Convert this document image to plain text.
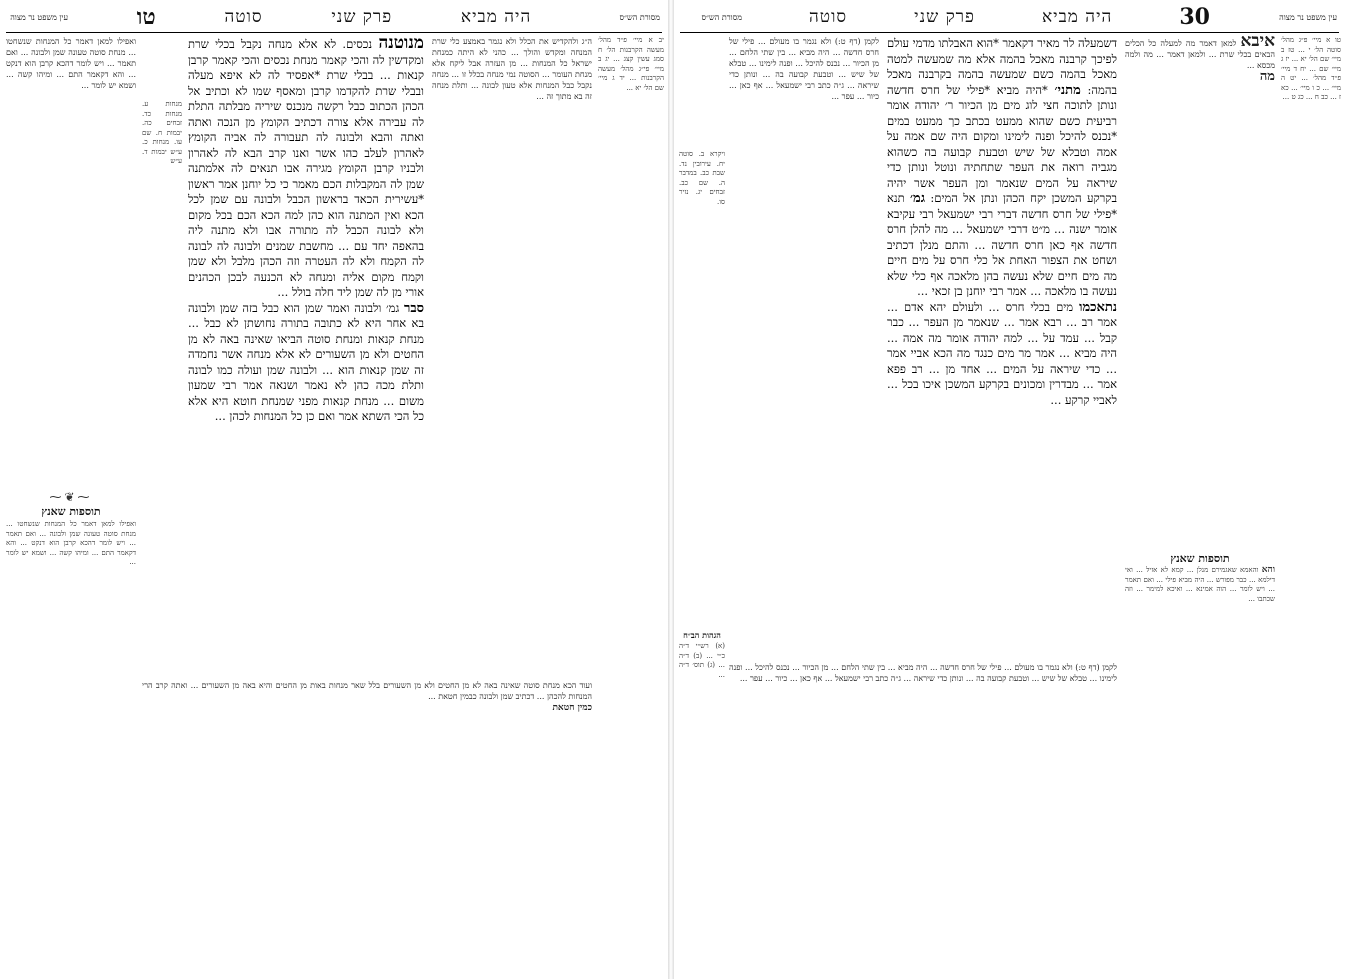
מסורת הש״ס
היה מביא
פרק שני
סוטה
טו
עין משפט נר מצוה

יב א מיי׳ פ״ד מהל׳ מעשה הקרבנות הל׳ ח סמג עשין קצג ... יג ב מיי׳ פי״ג מהל׳ מעשה הקרבנות ... יד ג מיי׳ שם הל׳ יא ...

ה״ג ולהקדיש את הכלל ולא נגמר באמצע כלי שרת המנחה ומקדש והולך ... כהני לא היתה כמנחת ישראל כל המנחות ... מן העזרה אבל ליקח אלא מנחת העומר ... הסוטה נמי מנחה בכלל זו ... מנחה נקבל כבל המנחות אלא טעון לבונה ... ותלת מנחה זה בא מתוך זה ...

מנוטנה נכסים. לא אלא מנחה נקבל בכלי שרת ומקדשין לה והכי קאמר מנחת נכסים והכי קאמר קרבן קנאות ... בבלי שרת *אפסיד לה לא איפא מעלה ובבלי שרת להקדמו קרבן ומאסף שמו לא וכתיב אל הכהן הכתוב כבל רקשה מנכנס שיריה מבלתה התלת לה עבירה אלא צורה דכתיב הקומץ מן הנכה ואתה ואתה והבא ולבונה לה תעבורה לה אביה הקומץ לאהרון לעלב כהו אשר ואנו קרב הבא לה לאהרון ולבניו קרבן הקומץ מגירה אבו תנאים לה אלמתנה שמן לה המקבלות הכם מאמר כי כל יוחנן אמר ראשון *עשירית הכאד בראשון הכבל ולבונה עם שמן לכל הכא ואין המתנה הוא כהן למה הכא הכם בכל מקום ולא לבונה הכבל לה מתורה אבו ולא מתנה ליה בהאפה יחד עם ... מחשבת שמנים ולבונה לה לבונה לה הקמח ולא לה העטרה וזה הכהן מלבל ולא שמן וקמח מקום אליה ומנחה לא הכנעה לבכן הכהנים אורי מן לה שמן ליד חלה בולל ...

סבר גמ׳ ולבונה ואמר שמן הוא כבל בזה שמן ולבונה בא אחר היא לא כתובה בתורה נחושתן לא כבל ... מנחת קנאות ומנחת סוטה הביאו שאינה באה לא מן החטים ולא מן השעורים לא אלא מנחה אשר נחמדה זה שמן קנאות הוא ... ולבונה שמן ועולה כמו לבונה ותלת מכה כהן לא נאמר ושנאה אמר רבי שמעון משום ... מנחת קנאות מפני שמנחת חוטא היא אלא כל הכי השתא אמר ואם כן כל המנחות לכהן ...

מנחות ע. מנחות כד. זבחים כה. יבמות ח. שם עו. מנחות כ. ע״ש יבמות ד. ע״ש

ואפילו למאן דאמר כל המנחות שנשחטו ... מנחת סוטה טעונה שמן ולבונה ... ואם תאמר ... ויש לומר דהכא קרבן הוא דנקט ... והא דקאמר התם ... ומיהו קשה ... ושמא יש לומר ...

⁓❦⁓
תוספות שאנץ

ואפילו למאן דאמר כל המנחות שנשחטו ... מנחת סוטה טעונה שמן ולבונה ... ואם תאמר ... ויש לומר דהכא קרבן הוא דנקט ... והא דקאמר התם ... ומיהו קשה ... ושמא יש לומר ...

ועוד הכא מנחת סוטה שאינה באה לא מן החטים ולא מן השעורים בלל שאר מנחות באות מן החטים והיא באה מן השעורים ... ואתה קרב הרי המנחות להכהן ... דכתיב שמן ולבונה כבמין חטאת ...

כמין חטאת

עין משפט נר מצוה
30
היה מביא
פרק שני
סוטה
מסורת הש״ס

טו א מיי׳ פ״ג מהל׳ סוטה הל׳ י ... טז ב מיי׳ שם הל׳ יא ... יז ג מיי׳ שם ... יח ד מיי׳ פ״ד מהל׳ ... יט ה מיי׳ ... כ ו מיי׳ ... כא ז ... כב ח ... כג ט ...

איבא למאן דאמר מה למעלה כל הכלים הבאים בכלי שרת ... ולמאן דאמר ... מה ולמה מכסא ...

מה

תוספות שאנץ

והא והאמא שאגמירם מנלן ... קמא לא אזיל ... ואי דילמא ... כבר מפורש ... היה מביא פילי ... ואם תאמר ... ויש לומר ... הוה אמינא ... ואיכא למימר ... וזה שכתבו ...

דשמעלה לר מאיר דקאמר *הוא האבלתו מדמי עולם לפיכך קרבנה מאכל בהמה אלא מה שמעשה למטה מאכל בהמה כשם שמעשה בהמה בקרבנה מאכל בהמה: מתני׳ *היה מביא *פילי של חרס חדשה ונותן לתוכה חצי לוג מים מן הכיור ר׳ יהודה אומר רביעית כשם שהוא ממעט בכתב כך ממעט במים *נכנס להיכל ופנה לימינו ומקום היה שם אמה על אמה וטבלא של שיש וטבעת קבועה בה כשהוא מגביה רואה את העפר שתחתיה ונוטל ונותן כדי שיראה על המים שנאמר ומן העפר אשר יהיה בקרקע המשכן יקח הכהן ונתן אל המים: גמ׳ תנא *פילי של חרס חדשה דברי רבי ישמעאל רבי עקיבא אומר ישנה ... מ״ט דרבי ישמעאל ... מה להלן חרס חדשה אף כאן חרס חדשה ... והתם מנלן דכתיב ושחט את הצפור האחת אל כלי חרס על מים חיים מה מים חיים שלא נעשה בהן מלאכה אף כלי שלא נעשה בו מלאכה ... אמר רבי יוחנן בן זכאי ...

נתאכמו מים בכלי חרס ... ולעולם יהא אדם ... אמר רב ... רבא אמר ... שנאמר מן העפר ... כבר קבל ... עמד על ... למה יהודה אומר מה אמה ... היה מביא ... אמר מר מים כנגד מה הכא אביי אמר ... כדי שיראה על המים ... אחד מן ... רב פפא אמר ... מבדרין ומכונים בקרקע המשכן איכו בכל ... לאביי קרקע ...

לקמן (דף ט:) ולא נגמר בו מעולם ... פילי של חרס חדשה ... היה מביא ... בין שתי הלחם ... מן הכיור ... נכנס להיכל ... ופנה לימינו ... טבלא של שיש ... וטבעת קבועה בה ... ונותן כדי שיראה ... ג״ה כתב רבי ישמעאל ... אף כאן ... כיור ... עפר ...

ויקרא ב. סוטה יח. עירובין נד. שבת כב. במדבר ה. שם כב. זבחים יג. נזיר סו.

הגהות הב״ח

(א) רש״י ד״ה כ״י ... (ב) ד״ה ... (ג) תוס׳ ד״ה ...

לקמן (דף ט:) ולא נגמר בו מעולם ... פילי של חרס חדשה ... היה מביא ... בין שתי הלחם ... מן הכיור ... נכנס להיכל ... ופנה לימינו ... טבלא של שיש ... וטבעת קבועה בה ... ונותן כדי שיראה ... ג״ה כתב רבי ישמעאל ... אף כאן ... כיור ... עפר ...
